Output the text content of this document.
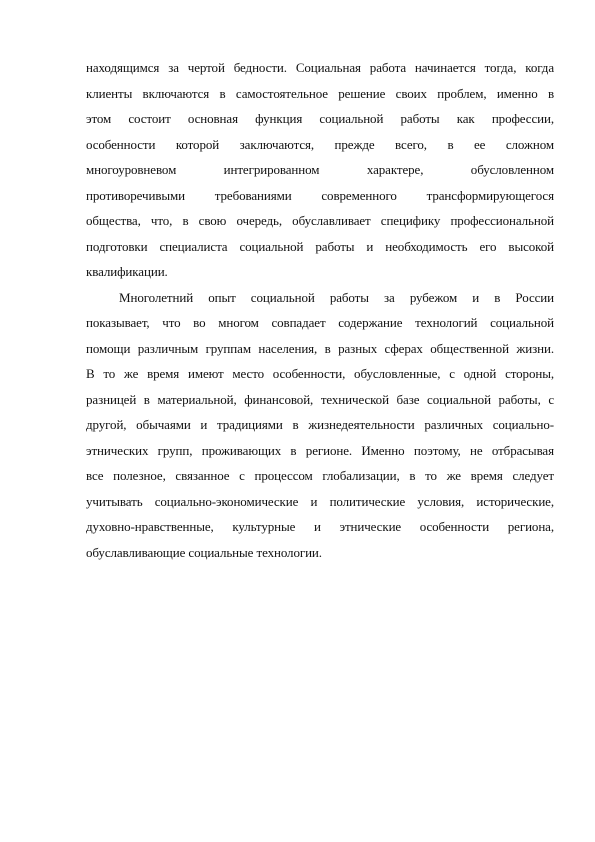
находящимся за чертой бедности. Социальная работа начинается тогда, когда
клиенты включаются в самостоятельное решение своих проблем, именно в
этом состоит основная функция социальной работы как профессии,
особенности которой заключаются, прежде всего, в ее сложном
многоуровневом интегрированном характере, обусловленном
противоречивыми требованиями современного трансформирующегося
общества, что, в свою очередь, обуславливает специфику профессиональной
подготовки специалиста социальной работы и необходимость его высокой
квалификации.
Многолетний опыт социальной работы за рубежом и в России
показывает, что во многом совпадает содержание технологий социальной
помощи различным группам населения, в разных сферах общественной жизни.
В то же время имеют место особенности, обусловленные, с одной стороны,
разницей в материальной, финансовой, технической базе социальной работы, с
другой, обычаями и традициями в жизнедеятельности различных социально-
этнических групп, проживающих в регионе. Именно поэтому, не отбрасывая
все полезное, связанное с процессом глобализации, в то же время следует
учитывать социально-экономические и политические условия, исторические,
духовно-нравственные, культурные и этнические особенности региона,
обуславливающие социальные технологии.
